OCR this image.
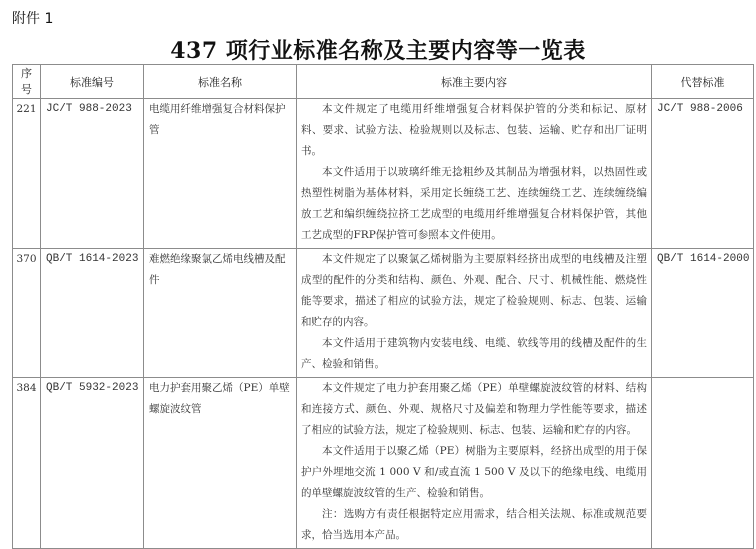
附件 1
437 项行业标准名称及主要内容等一览表
序
号	标准编号	标准名称	标准主要内容	代替标准
221	JC/T 988-2023	电缆用纤维增强复合材料保护管	本文件规定了电缆用纤维增强复合材料保护管的分类和标记、原材料、要求、试验方法、检验规则以及标志、包装、运输、贮存和出厂证明书。

本文件适用于以玻璃纤维无捻粗纱及其制品为增强材料，以热固性或热塑性树脂为基体材料，采用定长缠绕工艺、连续缠绕工艺、连续缠绕编放工艺和编织缠绕拉挤工艺成型的电缆用纤维增强复合材料保护管，其他工艺成型的FRP保护管可参照本文件使用。	JC/T 988-2006
370	QB/T 1614-2023	难燃绝缘聚氯乙烯电线槽及配件	本文件规定了以聚氯乙烯树脂为主要原料经挤出成型的电线槽及注塑成型的配件的分类和结构、颜色、外观、配合、尺寸、机械性能、燃烧性能等要求，描述了相应的试验方法，规定了检验规则、标志、包装、运输和贮存的内容。

本文件适用于建筑物内安装电线、电缆、软线等用的线槽及配件的生产、检验和销售。	QB/T 1614-2000
384	QB/T 5932-2023	电力护套用聚乙烯（PE）单壁螺旋波纹管	本文件规定了电力护套用聚乙烯（PE）单壁螺旋波纹管的材料、结构和连接方式、颜色、外观、规格尺寸及偏差和物理力学性能等要求，描述了相应的试验方法，规定了检验规则、标志、包装、运输和贮存的内容。

本文件适用于以聚乙烯（PE）树脂为主要原料，经挤出成型的用于保护户外埋地交流 1 000 V 和/或直流 1 500 V 及以下的绝缘电线、电缆用的单壁螺旋波纹管的生产、检验和销售。

注：选购方有责任根据特定应用需求，结合相关法规、标准或规范要求，恰当选用本产品。	
